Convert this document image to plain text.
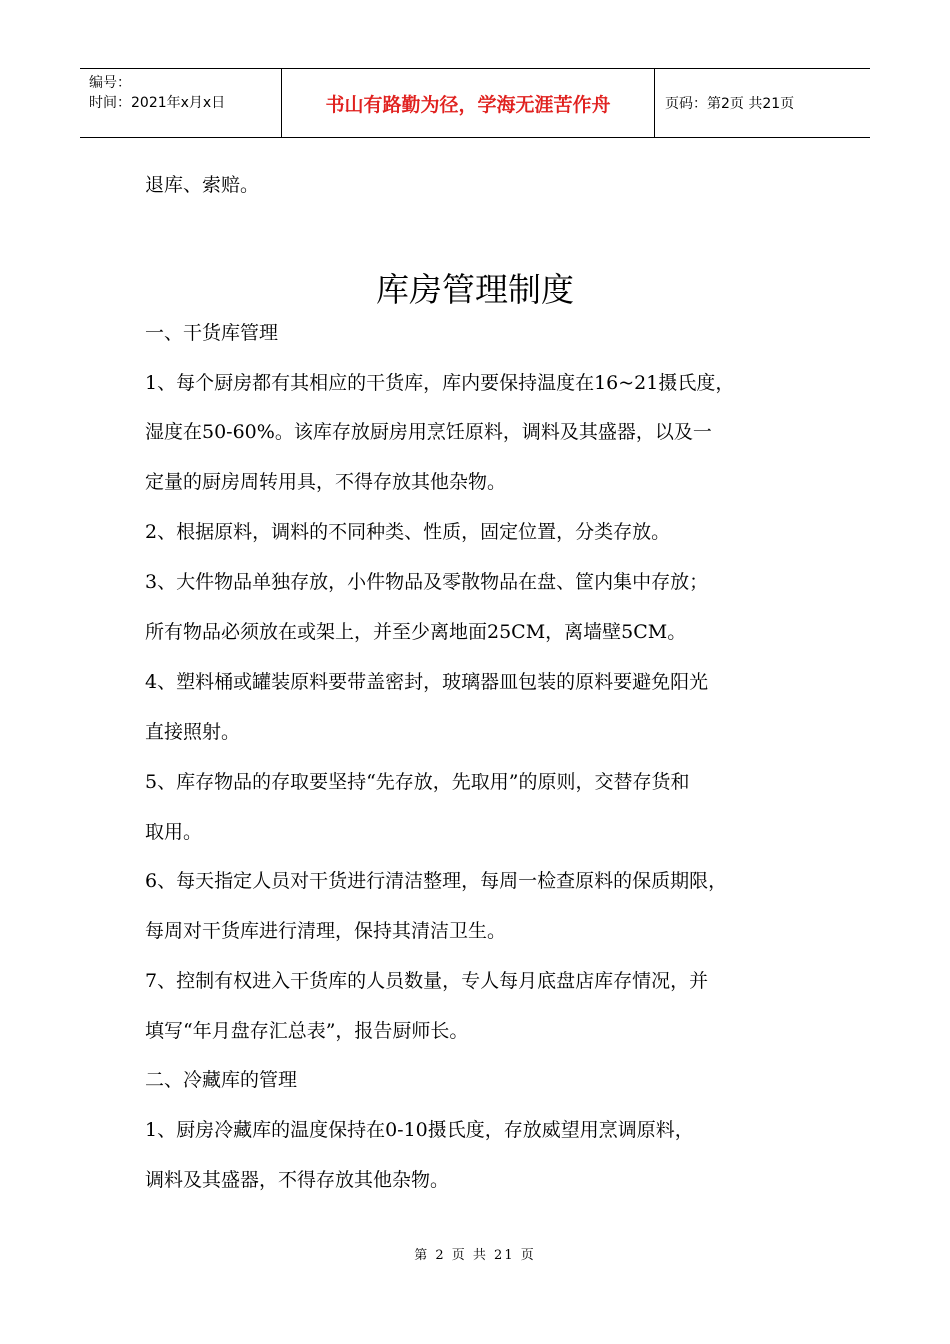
编号：
时间：2021年x月x日	书山有路勤为径，学海无涯苦作舟	页码：第2页 共21页
退库、索赔。
库房管理制度
一、干货库管理
1、每个厨房都有其相应的干货库，库内要保持温度在16~21摄氏度，
湿度在50-60%。该库存放厨房用烹饪原料，调料及其盛器，以及一
定量的厨房周转用具，不得存放其他杂物。
2、根据原料，调料的不同种类、性质，固定位置，分类存放。
3、大件物品单独存放，小件物品及零散物品在盘、筐内集中存放；
所有物品必须放在或架上，并至少离地面25CM，离墙壁5CM。
4、塑料桶或罐装原料要带盖密封，玻璃器皿包装的原料要避免阳光
直接照射。
5、库存物品的存取要坚持“先存放，先取用”的原则，交替存货和
取用。
6、每天指定人员对干货进行清洁整理，每周一检查原料的保质期限，
每周对干货库进行清理，保持其清洁卫生。
7、控制有权进入干货库的人员数量，专人每月底盘店库存情况，并
填写“年月盘存汇总表”，报告厨师长。
二、冷藏库的管理
1、厨房冷藏库的温度保持在0-10摄氏度，存放威望用烹调原料，
调料及其盛器，不得存放其他杂物。
第 2 页 共 21 页
